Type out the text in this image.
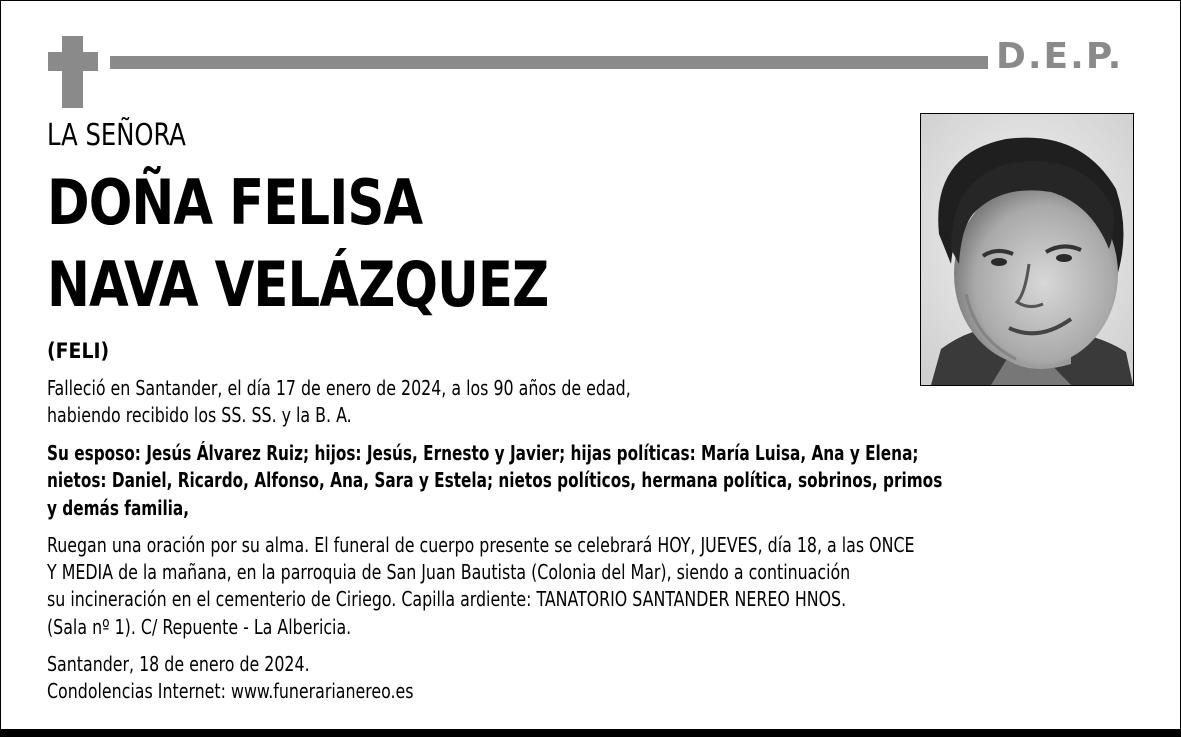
D.E.P.
LA SEÑORA
DOÑA FELISA
NAVA VELÁZQUEZ
(FELI)
Falleció en Santander, el día 17 de enero de 2024, a los 90 años de edad,
habiendo recibido los SS. SS. y la B. A.
Su esposo: Jesús Álvarez Ruiz; hijos: Jesús, Ernesto y Javier; hijas políticas: María Luisa, Ana y Elena;
nietos: Daniel, Ricardo, Alfonso, Ana, Sara y Estela; nietos políticos, hermana política, sobrinos, primos
y demás familia,
Ruegan una oración por su alma. El funeral de cuerpo presente se celebrará HOY, JUEVES, día 18, a las ONCE
Y MEDIA de la mañana, en la parroquia de San Juan Bautista (Colonia del Mar), siendo a continuación
su incineración en el cementerio de Ciriego. Capilla ardiente: TANATORIO SANTANDER NEREO HNOS.
(Sala nº 1). C/ Repuente - La Albericia.
Santander, 18 de enero de 2024.
Condolencias Internet: www.funerarianereo.es
